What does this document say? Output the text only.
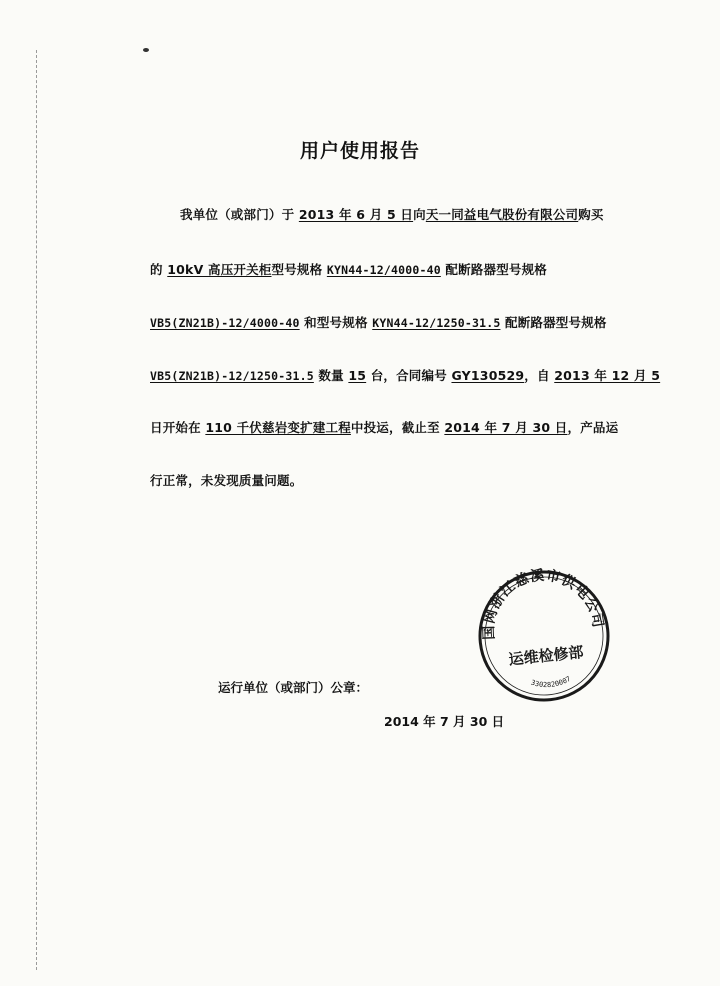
用户使用报告
我单位（或部门）于 2013 年 6 月 5 日向天一同益电气股份有限公司购买
的 10kV 高压开关柜型号规格 KYN44-12/4000-40 配断路器型号规格
VB5(ZN21B)-12/4000-40 和型号规格 KYN44-12/1250-31.5 配断路器型号规格
VB5(ZN21B)-12/1250-31.5 数量 15 台，合同编号 GY130529，自 2013 年 12 月 5
日开始在 110 千伏慈岩变扩建工程中投运，截止至 2014 年 7 月 30 日，产品运
行正常，未发现质量问题。
运行单位（或部门）公章：
2014 年 7 月 30 日
国网浙江慈溪市供电公司
运维检修部
3302820007
